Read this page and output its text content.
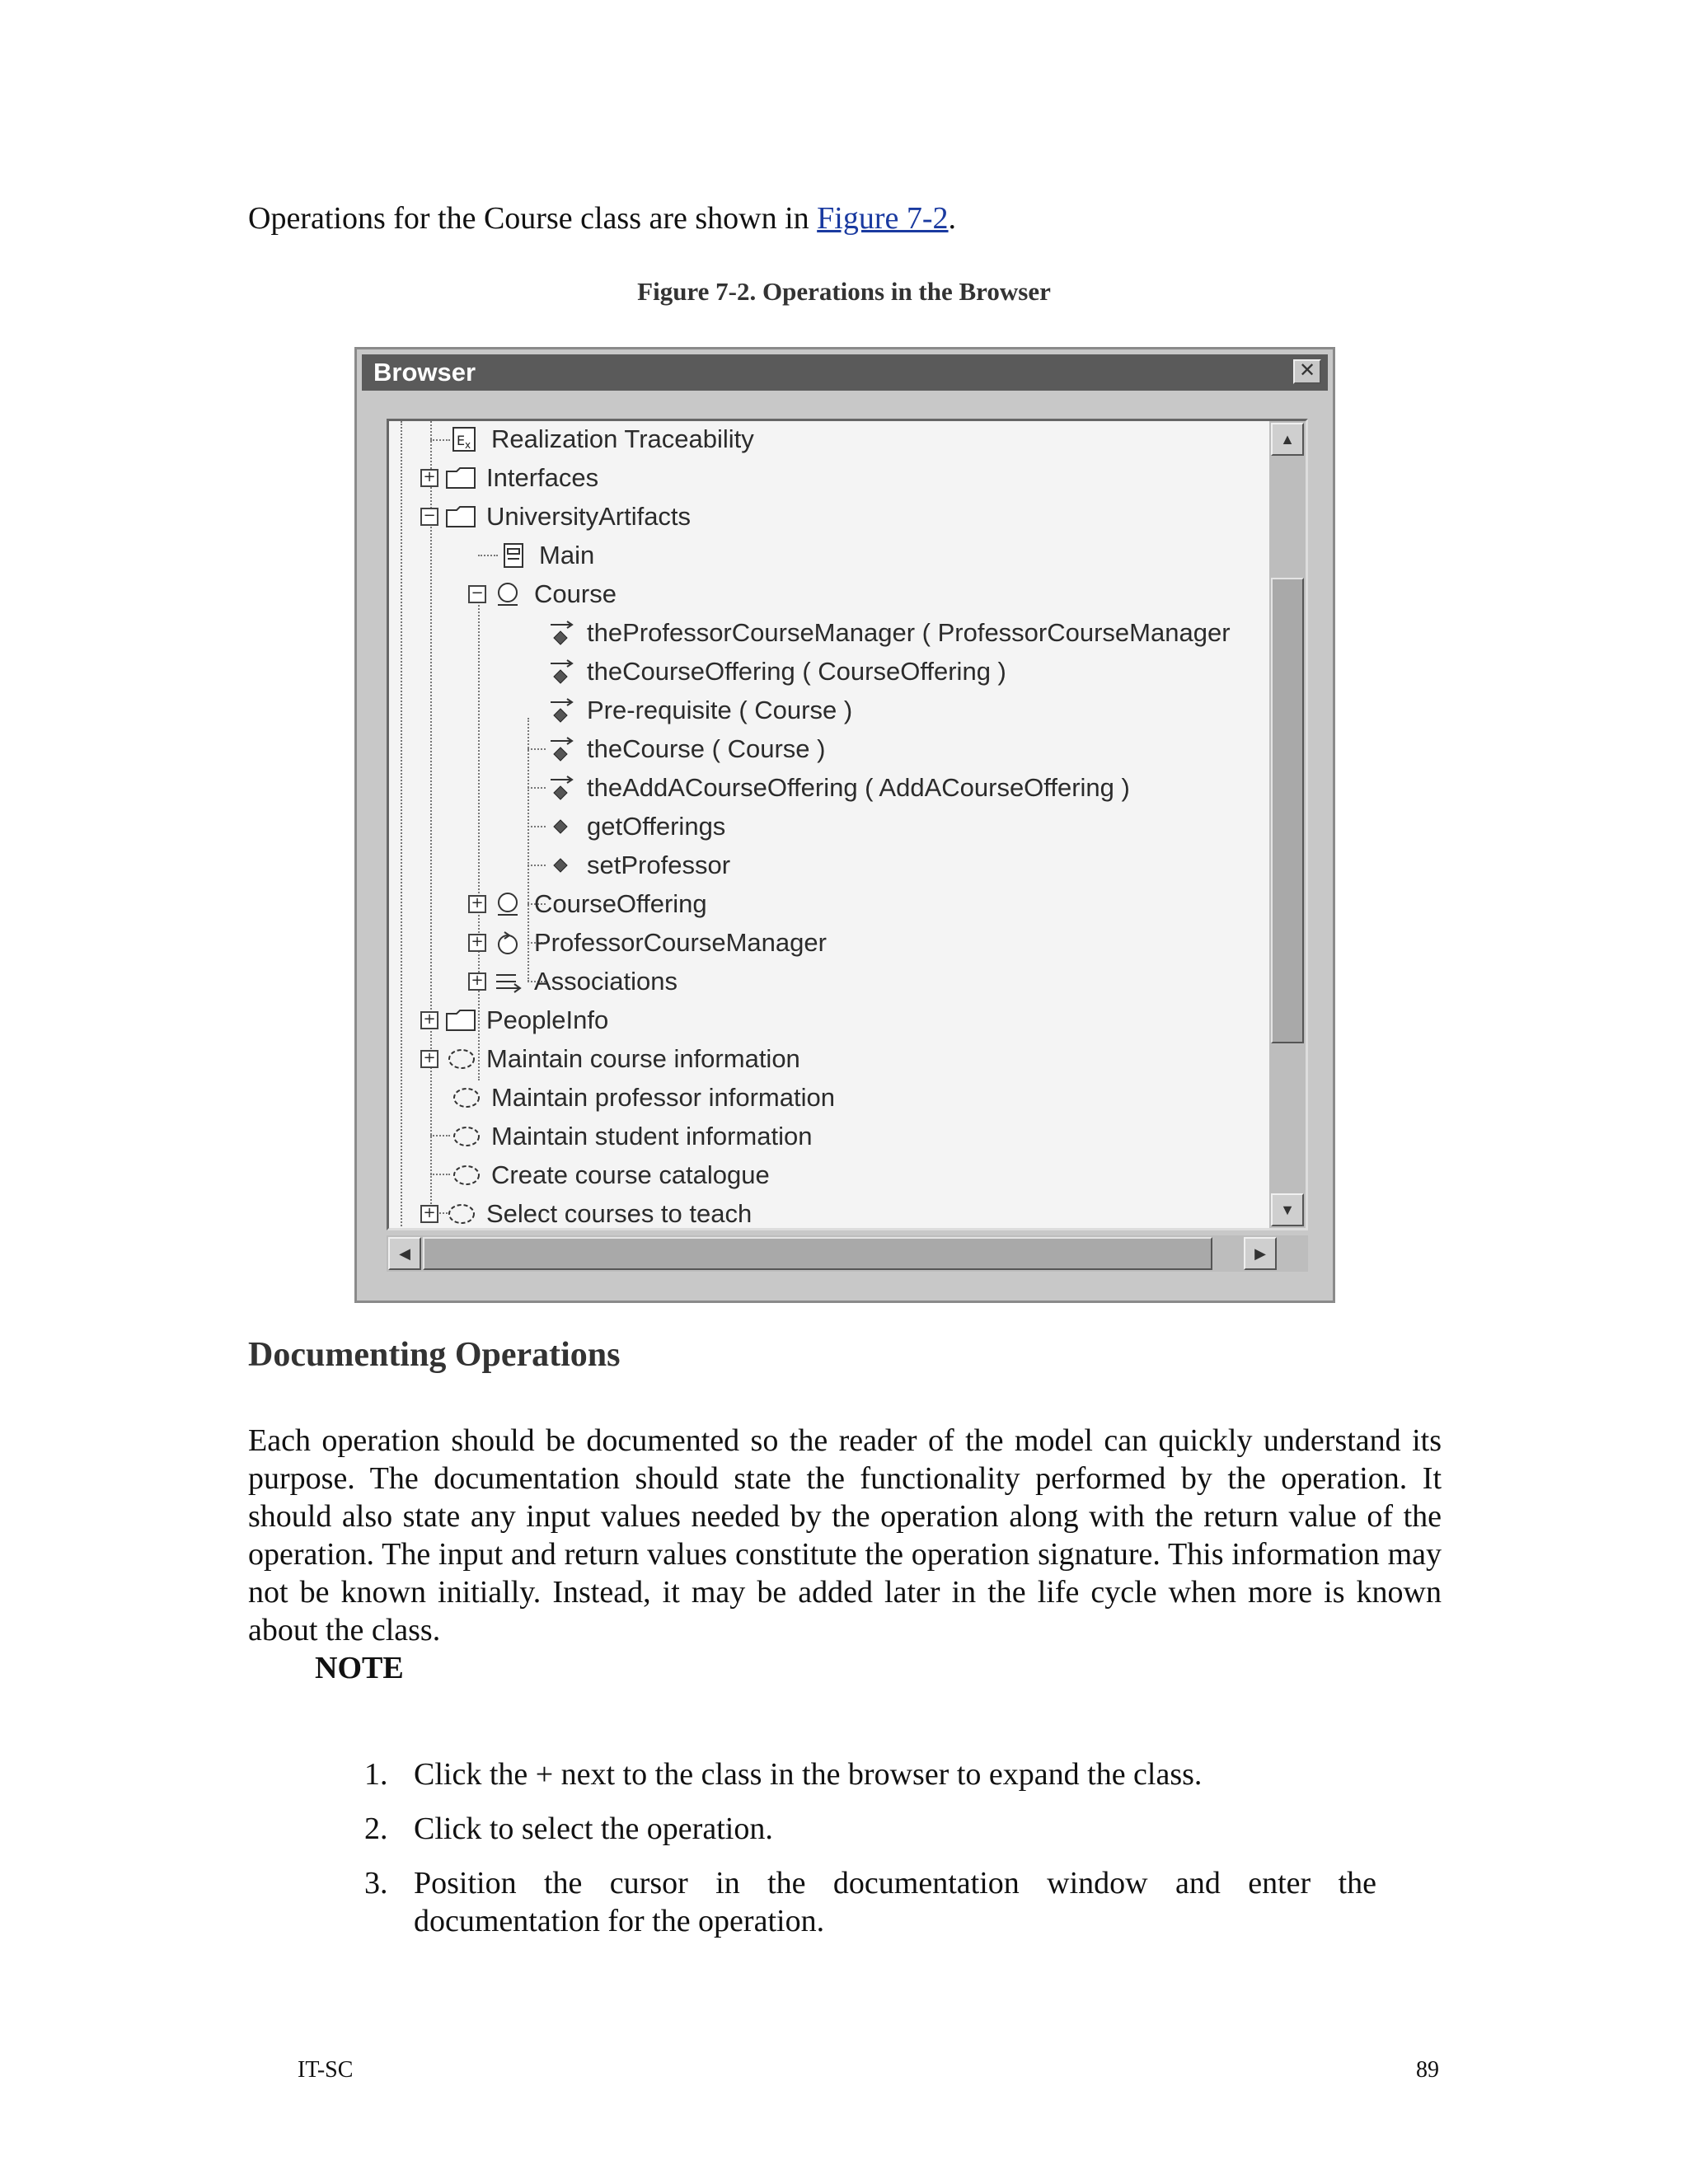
Operations for the Course class are shown in Figure 7-2.
Figure 7-2. Operations in the Browser
Browser	✕
E x Realization Traceability
+ Interfaces
− UniversityArtifacts
Main
− Course
theProfessorCourseManager ( ProfessorCourseManager
theCourseOffering ( CourseOffering )
Pre-requisite ( Course )
theCourse ( Course )
theAddACourseOffering ( AddACourseOffering )
getOfferings
setProfessor
+ CourseOffering
+ ProfessorCourseManager
+ Associations
+ PeopleInfo
+ Maintain course information
Maintain professor information
Maintain student information
Create course catalogue
+ Select courses to teach
▲
▼
◀	▶
Documenting Operations

Each operation should be documented so the reader of the model can quickly understand its purpose. The documentation should state the functionality performed by the operation. It should also state any input values needed by the operation along with the return value of the operation. The input and return values constitute the operation signature. This information may not be known initially. Instead, it may be added later in the life cycle when more is known about the class.

NOTE
1. Click the + next to the class in the browser to expand the class.
2. Click to select the operation.
3. Position the cursor in the documentation window and enter the documentation for the operation.
IT-SC	89
